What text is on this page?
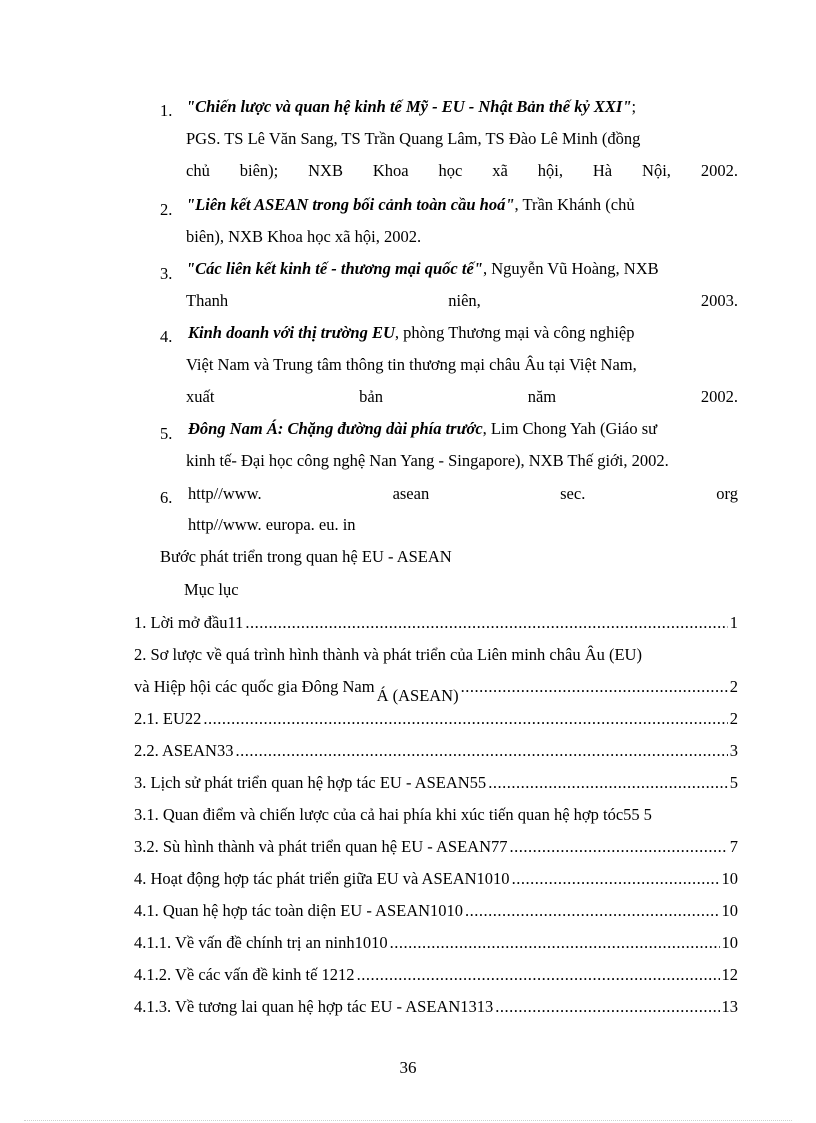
1. "Chiến lược và quan hệ kinh tế Mỹ - EU - Nhật Bản thế kỷ XXI";
PGS. TS Lê Văn Sang, TS Trần Quang Lâm, TS Đào Lê Minh (đồng
chủ biên); NXB Khoa học xã hội, Hà Nội, 2002.
2. "Liên kết ASEAN trong bối cảnh toàn cầu hoá", Trần Khánh (chủ
biên), NXB Khoa học xã hội, 2002.
3. "Các liên kết kinh tế - thương mại quốc tế", Nguyễn Vũ Hoàng, NXB
Thanh	niên,	2003.
4. Kinh doanh với thị trường EU, phòng Thương mại và công nghiệp
Việt Nam và Trung tâm thông tin thương mại châu Âu tại Việt Nam,
xuất	bản	năm	2002.
5. Đông Nam Á: Chặng đường dài phía trước, Lim Chong Yah (Giáo sư
kinh tế- Đại học công nghệ Nan Yang - Singapore), NXB Thế giới, 2002.
6. http//www.	asean	sec.	org
http//www. europa. eu. in
Bước phát triển trong quan hệ EU - ASEAN
Mục lục
1. Lời mở đầu11 .....	1
2. Sơ lược về quá trình hình thành và phát triển của Liên minh châu Âu (EU)
và Hiệp hội các quốc gia Đông Nam Á (ASEAN) .....	2
2.1. EU22 .....	2
2.2. ASEAN33 .....	3
3. Lịch sử phát triển quan hệ hợp tác EU - ASEAN55 .....	5
3.1. Quan điểm và chiến lược của cả hai phía khi xúc tiến quan hệ hợp tóc55 5
3.2. Sù hình thành và phát triển quan hệ EU - ASEAN77 .....	7
4. Hoạt động hợp tác phát triển giữa EU và ASEAN1010 .....	10
4.1. Quan hệ hợp tác toàn diện EU - ASEAN1010 .....	10
4.1.1. Về vấn đề chính trị an ninh1010 .....	10
4.1.2. Về các vấn đề kinh tế 1212 .....	12
4.1.3. Về tương lai quan hệ hợp tác EU - ASEAN1313 .....	13
36
